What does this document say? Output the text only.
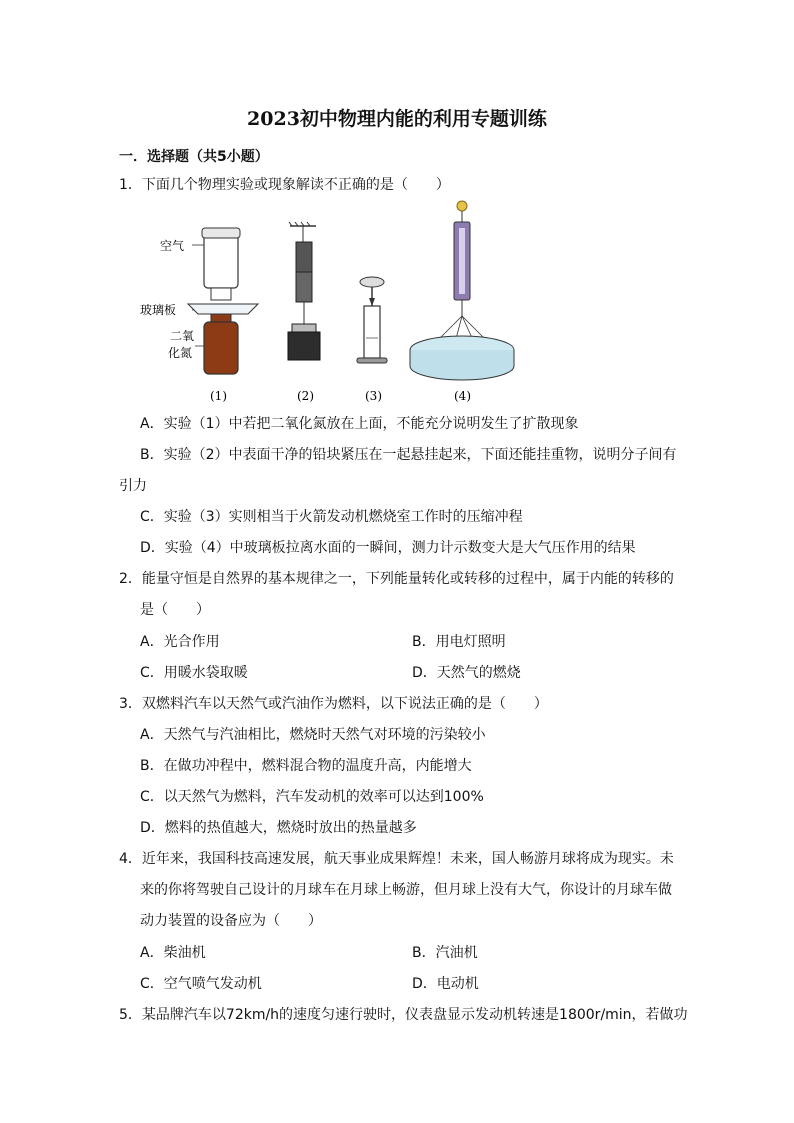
2023初中物理内能的利用专题训练
一．选择题（共5小题）
1．下面几个物理实验或现象解读不正确的是（　　）
空气
玻璃板
二氧
化氮
(1)	(2)	(3)	(4)
A．实验（1）中若把二氧化氮放在上面，不能充分说明发生了扩散现象
B．实验（2）中表面干净的铅块紧压在一起悬挂起来，下面还能挂重物，说明分子间有
引力
C．实验（3）实则相当于火箭发动机燃烧室工作时的压缩冲程
D．实验（4）中玻璃板拉离水面的一瞬间，测力计示数变大是大气压作用的结果
2．能量守恒是自然界的基本规律之一，下列能量转化或转移的过程中，属于内能的转移的
是（　　）
A．光合作用	B．用电灯照明
C．用暖水袋取暖	D．天然气的燃烧
3．双燃料汽车以天然气或汽油作为燃料，以下说法正确的是（　　）
A．天然气与汽油相比，燃烧时天然气对环境的污染较小
B．在做功冲程中，燃料混合物的温度升高，内能增大
C．以天然气为燃料，汽车发动机的效率可以达到100%
D．燃料的热值越大，燃烧时放出的热量越多
4．近年来，我国科技高速发展，航天事业成果辉煌！未来，国人畅游月球将成为现实。未
来的你将驾驶自己设计的月球车在月球上畅游，但月球上没有大气，你设计的月球车做
动力装置的设备应为（　　）
A．柴油机	B．汽油机
C．空气喷气发动机	D．电动机
5．某品牌汽车以72km/h的速度匀速行驶时，仪表盘显示发动机转速是1800r/min，若做功
